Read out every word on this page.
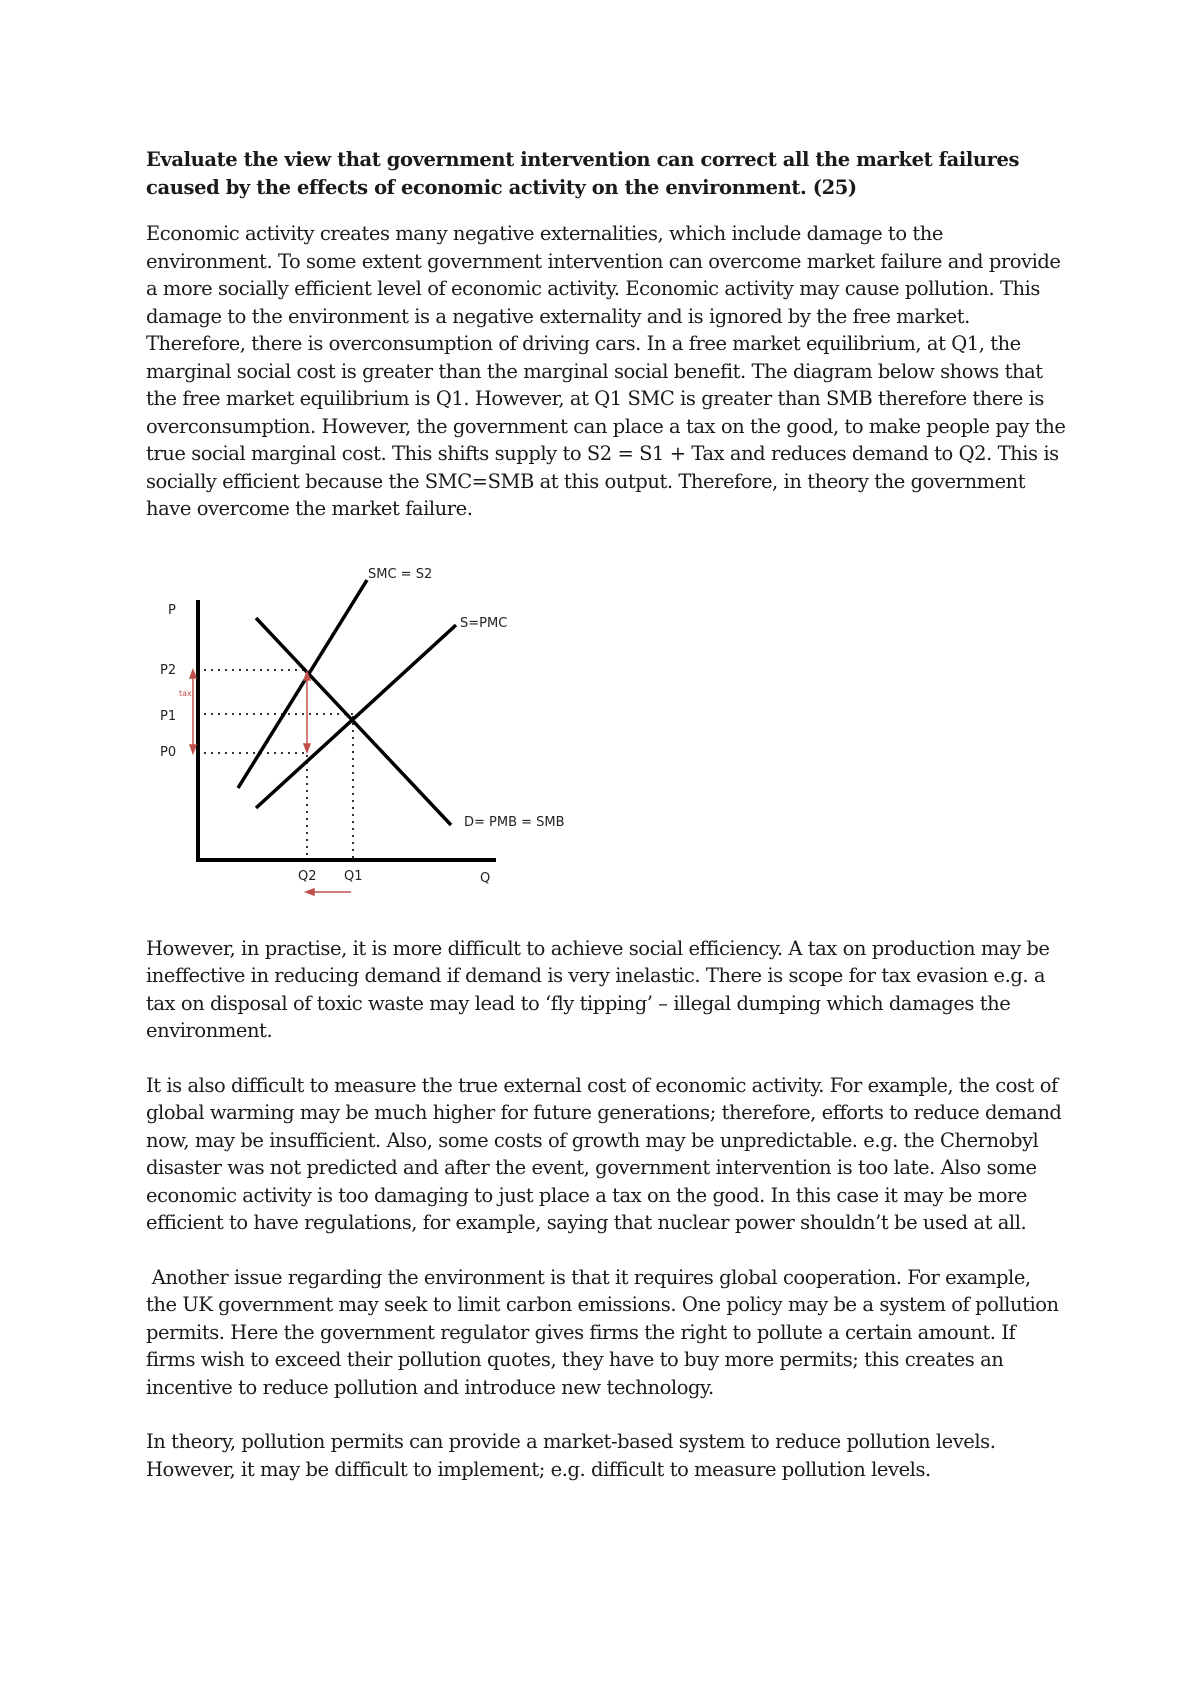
Evaluate the view that government intervention can correct all the market failures caused by the effects of economic activity on the environment. (25)

Economic activity creates many negative externalities, which include damage to the environment. To some extent government intervention can overcome market failure and provide a more socially efficient level of economic activity. Economic activity may cause pollution. This damage to the environment is a negative externality and is ignored by the free market. Therefore, there is overconsumption of driving cars. In a free market equilibrium, at Q1, the marginal social cost is greater than the marginal social benefit. The diagram below shows that the free market equilibrium is Q1. However, at Q1 SMC is greater than SMB therefore there is overconsumption. However, the government can place a tax on the good, to make people pay the true social marginal cost. This shifts supply to S2 = S1 + Tax and reduces demand to Q2. This is socially efficient because the SMC=SMB at this output. Therefore, in theory the government have overcome the market failure.

P
Q
P2
P1
P0
SMC = S2
S=PMC
D= PMB = SMB
tax
Q2 Q1

However, in practise, it is more difficult to achieve social efficiency. A tax on production may be ineffective in reducing demand if demand is very inelastic. There is scope for tax evasion e.g. a tax on disposal of toxic waste may lead to ‘fly tipping’ – illegal dumping which damages the environment.

It is also difficult to measure the true external cost of economic activity. For example, the cost of global warming may be much higher for future generations; therefore, efforts to reduce demand now, may be insufficient. Also, some costs of growth may be unpredictable. e.g. the Chernobyl disaster was not predicted and after the event, government intervention is too late. Also some economic activity is too damaging to just place a tax on the good. In this case it may be more efficient to have regulations, for example, saying that nuclear power shouldn’t be used at all.

Another issue regarding the environment is that it requires global cooperation. For example, the UK government may seek to limit carbon emissions. One policy may be a system of pollution permits. Here the government regulator gives firms the right to pollute a certain amount. If firms wish to exceed their pollution quotes, they have to buy more permits; this creates an incentive to reduce pollution and introduce new technology.

In theory, pollution permits can provide a market-based system to reduce pollution levels. However, it may be difficult to implement; e.g. difficult to measure pollution levels.
